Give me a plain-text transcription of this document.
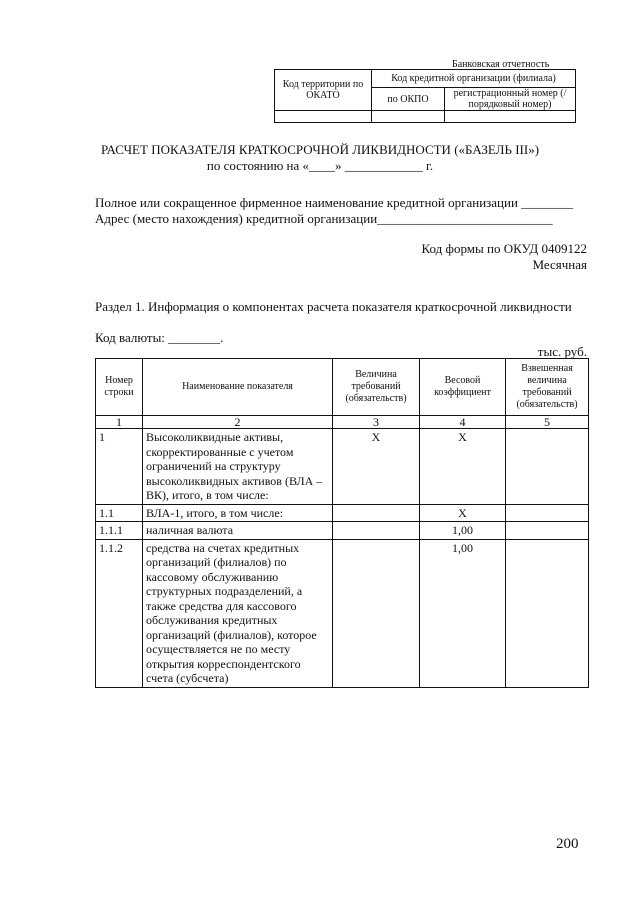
Банковская отчетность
Код территории по ОКАТО	Код кредитной организации (филиала)	
	по ОКПО	регистрационный номер (/порядковый номер)

РАСЧЕТ ПОКАЗАТЕЛЯ КРАТКОСРОЧНОЙ ЛИКВИДНОСТИ («БАЗЕЛЬ III»)
по состоянию на «____» ____________ г.
Полное или сокращенное фирменное наименование кредитной организации ________
Адрес (место нахождения) кредитной организации___________________________
Код формы по ОКУД 0409122
Месячная
Раздел 1. Информация о компонентах расчета показателя краткосрочной ликвидности
Код валюты: ________.
тыс. руб.
Номер строки	Наименование показателя	Величина требований (обязательств)	Весовой коэффициент	Взвешенная величина требований (обязательств)
1	2	3	4	5
1	Высоколиквидные активы, скорректированные с учетом ограничений на структуру высоколиквидных активов (ВЛА – ВК), итого, в том числе:	X	X	
1.1	ВЛА-1, итого, в том числе:		X	
1.1.1	наличная валюта		1,00	
1.1.2	средства на счетах кредитных организаций (филиалов) по кассовому обслуживанию структурных подразделений, а также средства для кассового обслуживания кредитных организаций (филиалов), которое осуществляется не по месту открытия корреспондентского счета (субсчета)		1,00	
200
